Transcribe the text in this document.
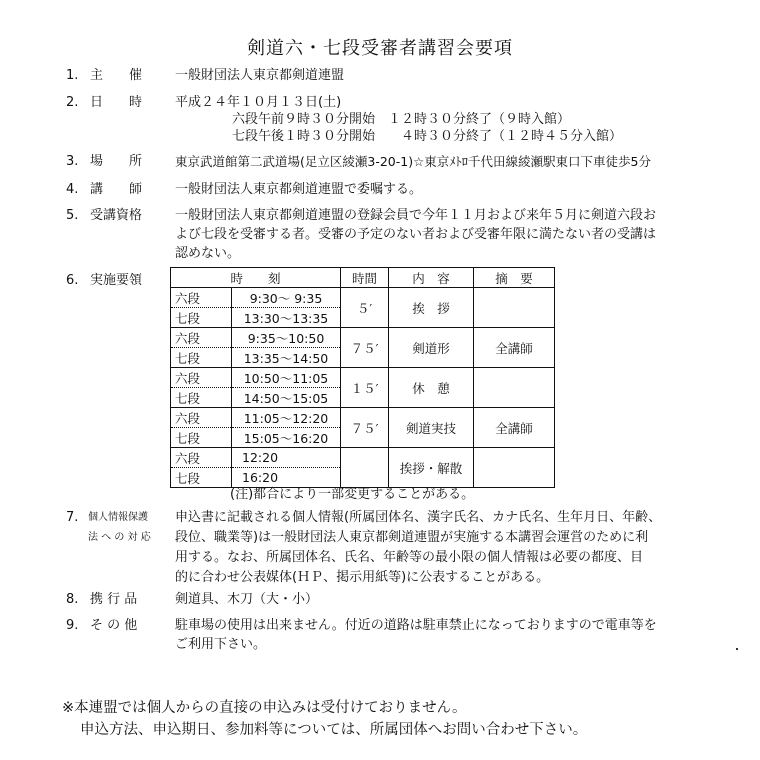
剣道六・七段受審者講習会要項
1. 主　　催	一般財団法人東京都剣道連盟
2. 日　　時	平成２４年１０月１３日(土)
六段午前９時３０分開始　１２時３０分終了（９時入館）
七段午後１時３０分開始　　４時３０分終了（１２時４５分入館）
3. 場　　所	東京武道館第二武道場(足立区綾瀬3-20-1)☆東京ﾒﾄﾛ千代田線綾瀬駅東口下車徒歩5分
4. 講　　師	一般財団法人東京都剣道連盟で委嘱する。
5. 受講資格	一般財団法人東京都剣道連盟の登録会員で今年１１月および来年５月に剣道六段お
よび七段を受審する者。受審の予定のない者および受審年限に満たない者の受講は
認めない。
6. 実施要領	時　　刻		時間	内　容	摘　要
六段	9:30〜 9:35	５′	挨　拶	
七段	13:30〜13:35			
六段	9:35〜10:50	７５′	剣道形	全講師
七段	13:35〜14:50			
六段	10:50〜11:05	１５′	休　憩	
七段	14:50〜15:05			
六段	11:05〜12:20	７５′	剣道実技	全講師
七段	15:05〜16:20			
六段	12:20		挨拶・解散	
七段	16:20			
(注)都合により一部変更することがある。
7. 個人情報保護
法 へ の 対 応
申込書に記載される個人情報(所属団体名、漢字氏名、カナ氏名、生年月日、年齢、
段位、職業等)は一般財団法人東京都剣道連盟が実施する本講習会運営のために利
用する。なお、所属団体名、氏名、年齢等の最小限の個人情報は必要の都度、目
的に合わせ公表媒体(ＨＰ、掲示用紙等)に公表することがある。
8. 携 行 品	剣道具、木刀（大・小）
9. そ の 他	駐車場の使用は出来ません。付近の道路は駐車禁止になっておりますので電車等を
ご利用下さい。
※本連盟では個人からの直接の申込みは受付けておりません。
申込方法、申込期日、参加料等については、所属団体へお問い合わせ下さい。
